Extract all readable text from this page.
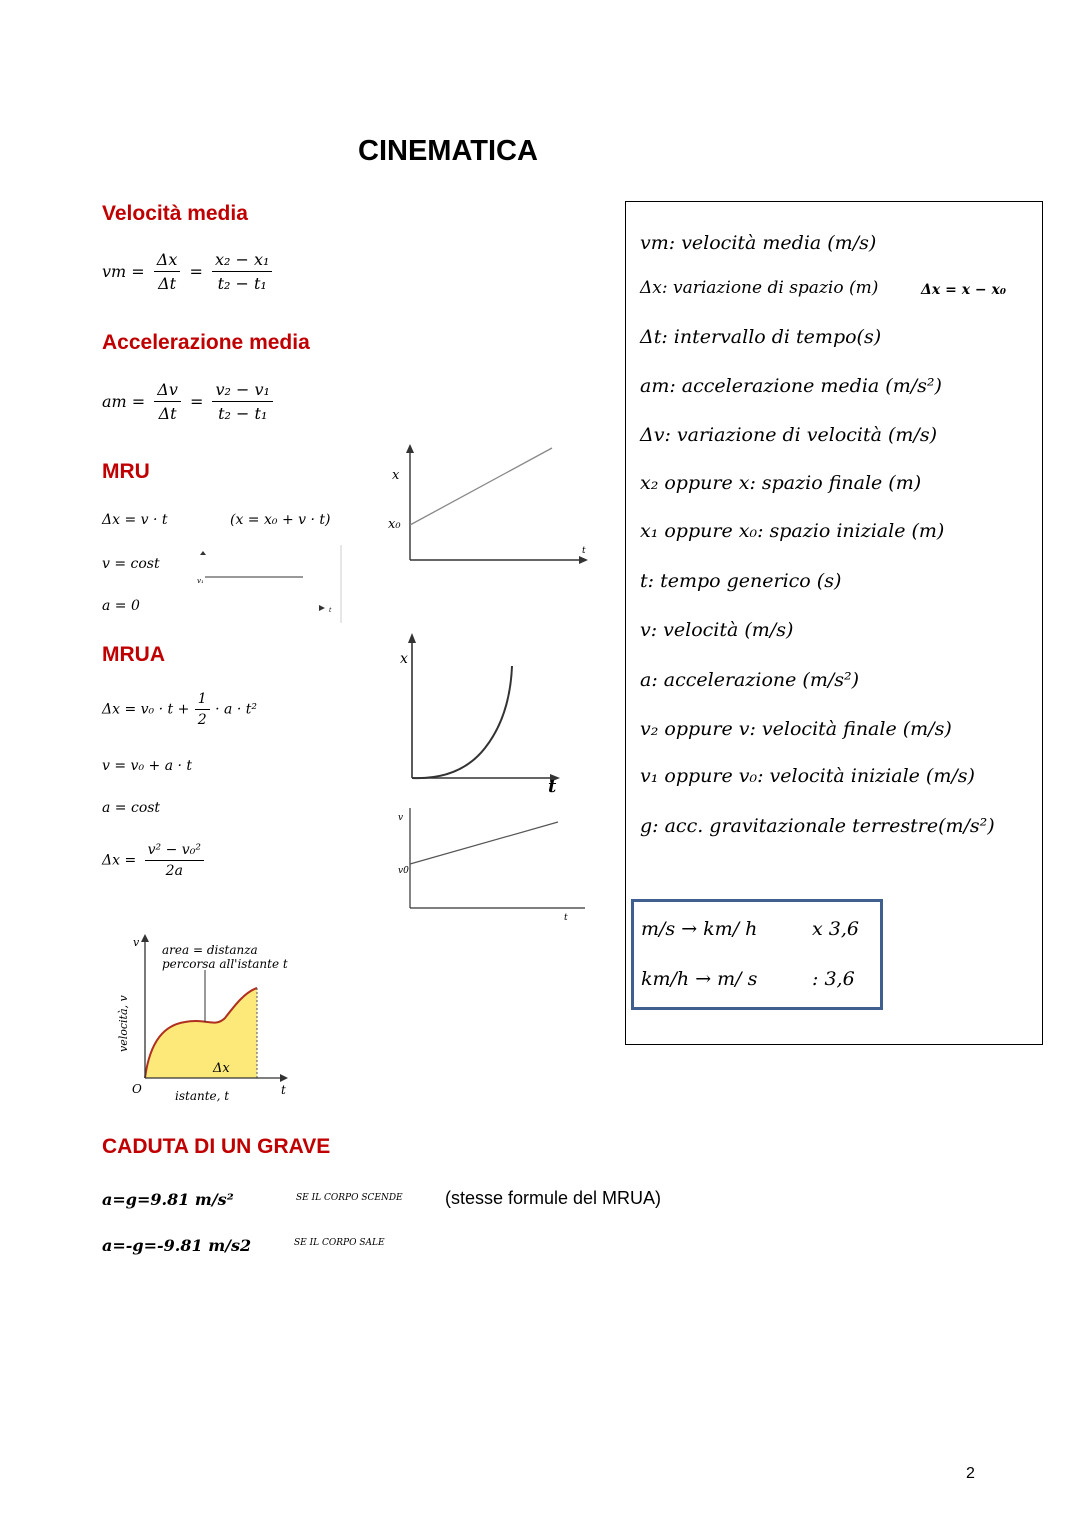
CINEMATICA
Velocità media
vm = $\frac{\Delta x}{\Delta t} = \frac{\text{x₂ − x₁}}{\text{t₂ − t₁}}$
Accelerazione media
am = $\frac{\Delta v}{\Delta t} = \frac{\text{v₂ − v₁}}{\text{t₂ − t₁}}$
MRU
Δx = v · t	(x = x₀ + v · t)
v = cost
a = 0
v₁
t
x
x₀
t
MRUA
$\Delta x = v_0 \cdot t + \frac{1}{2} \cdot a \cdot t^2$
v = v₀ + a · t
a = cost
$\Delta x = \frac{\text{v² − v₀²}}{2a}$
x
t
v
v0
t
area = distanza
percorsa all'istante t
v
velocità, v
O	t
istante, t
Δx
vm: velocità media (m/s)
Δx: variazione di spazio (m)	Δx = x − x₀
Δt: intervallo di tempo(s)
am: accelerazione media (m/s²)
Δv: variazione di velocità (m/s)
x₂ oppure x: spazio finale (m)
x₁ oppure x₀: spazio iniziale (m)
t: tempo generico (s)
v: velocità (m/s)
a: accelerazione (m/s²)
v₂ oppure v: velocità finale (m/s)
v₁ oppure v₀: velocità iniziale (m/s)
g: acc. gravitazionale terrestre(m/s²)
m/s → km/ h	x 3,6
km/h → m/ s	: 3,6
CADUTA DI UN GRAVE
a=g=9.81 m/s²	SE IL CORPO SCENDE (stesse formule del MRUA)
a=-g=-9.81 m/s2	SE IL CORPO SALE
2
